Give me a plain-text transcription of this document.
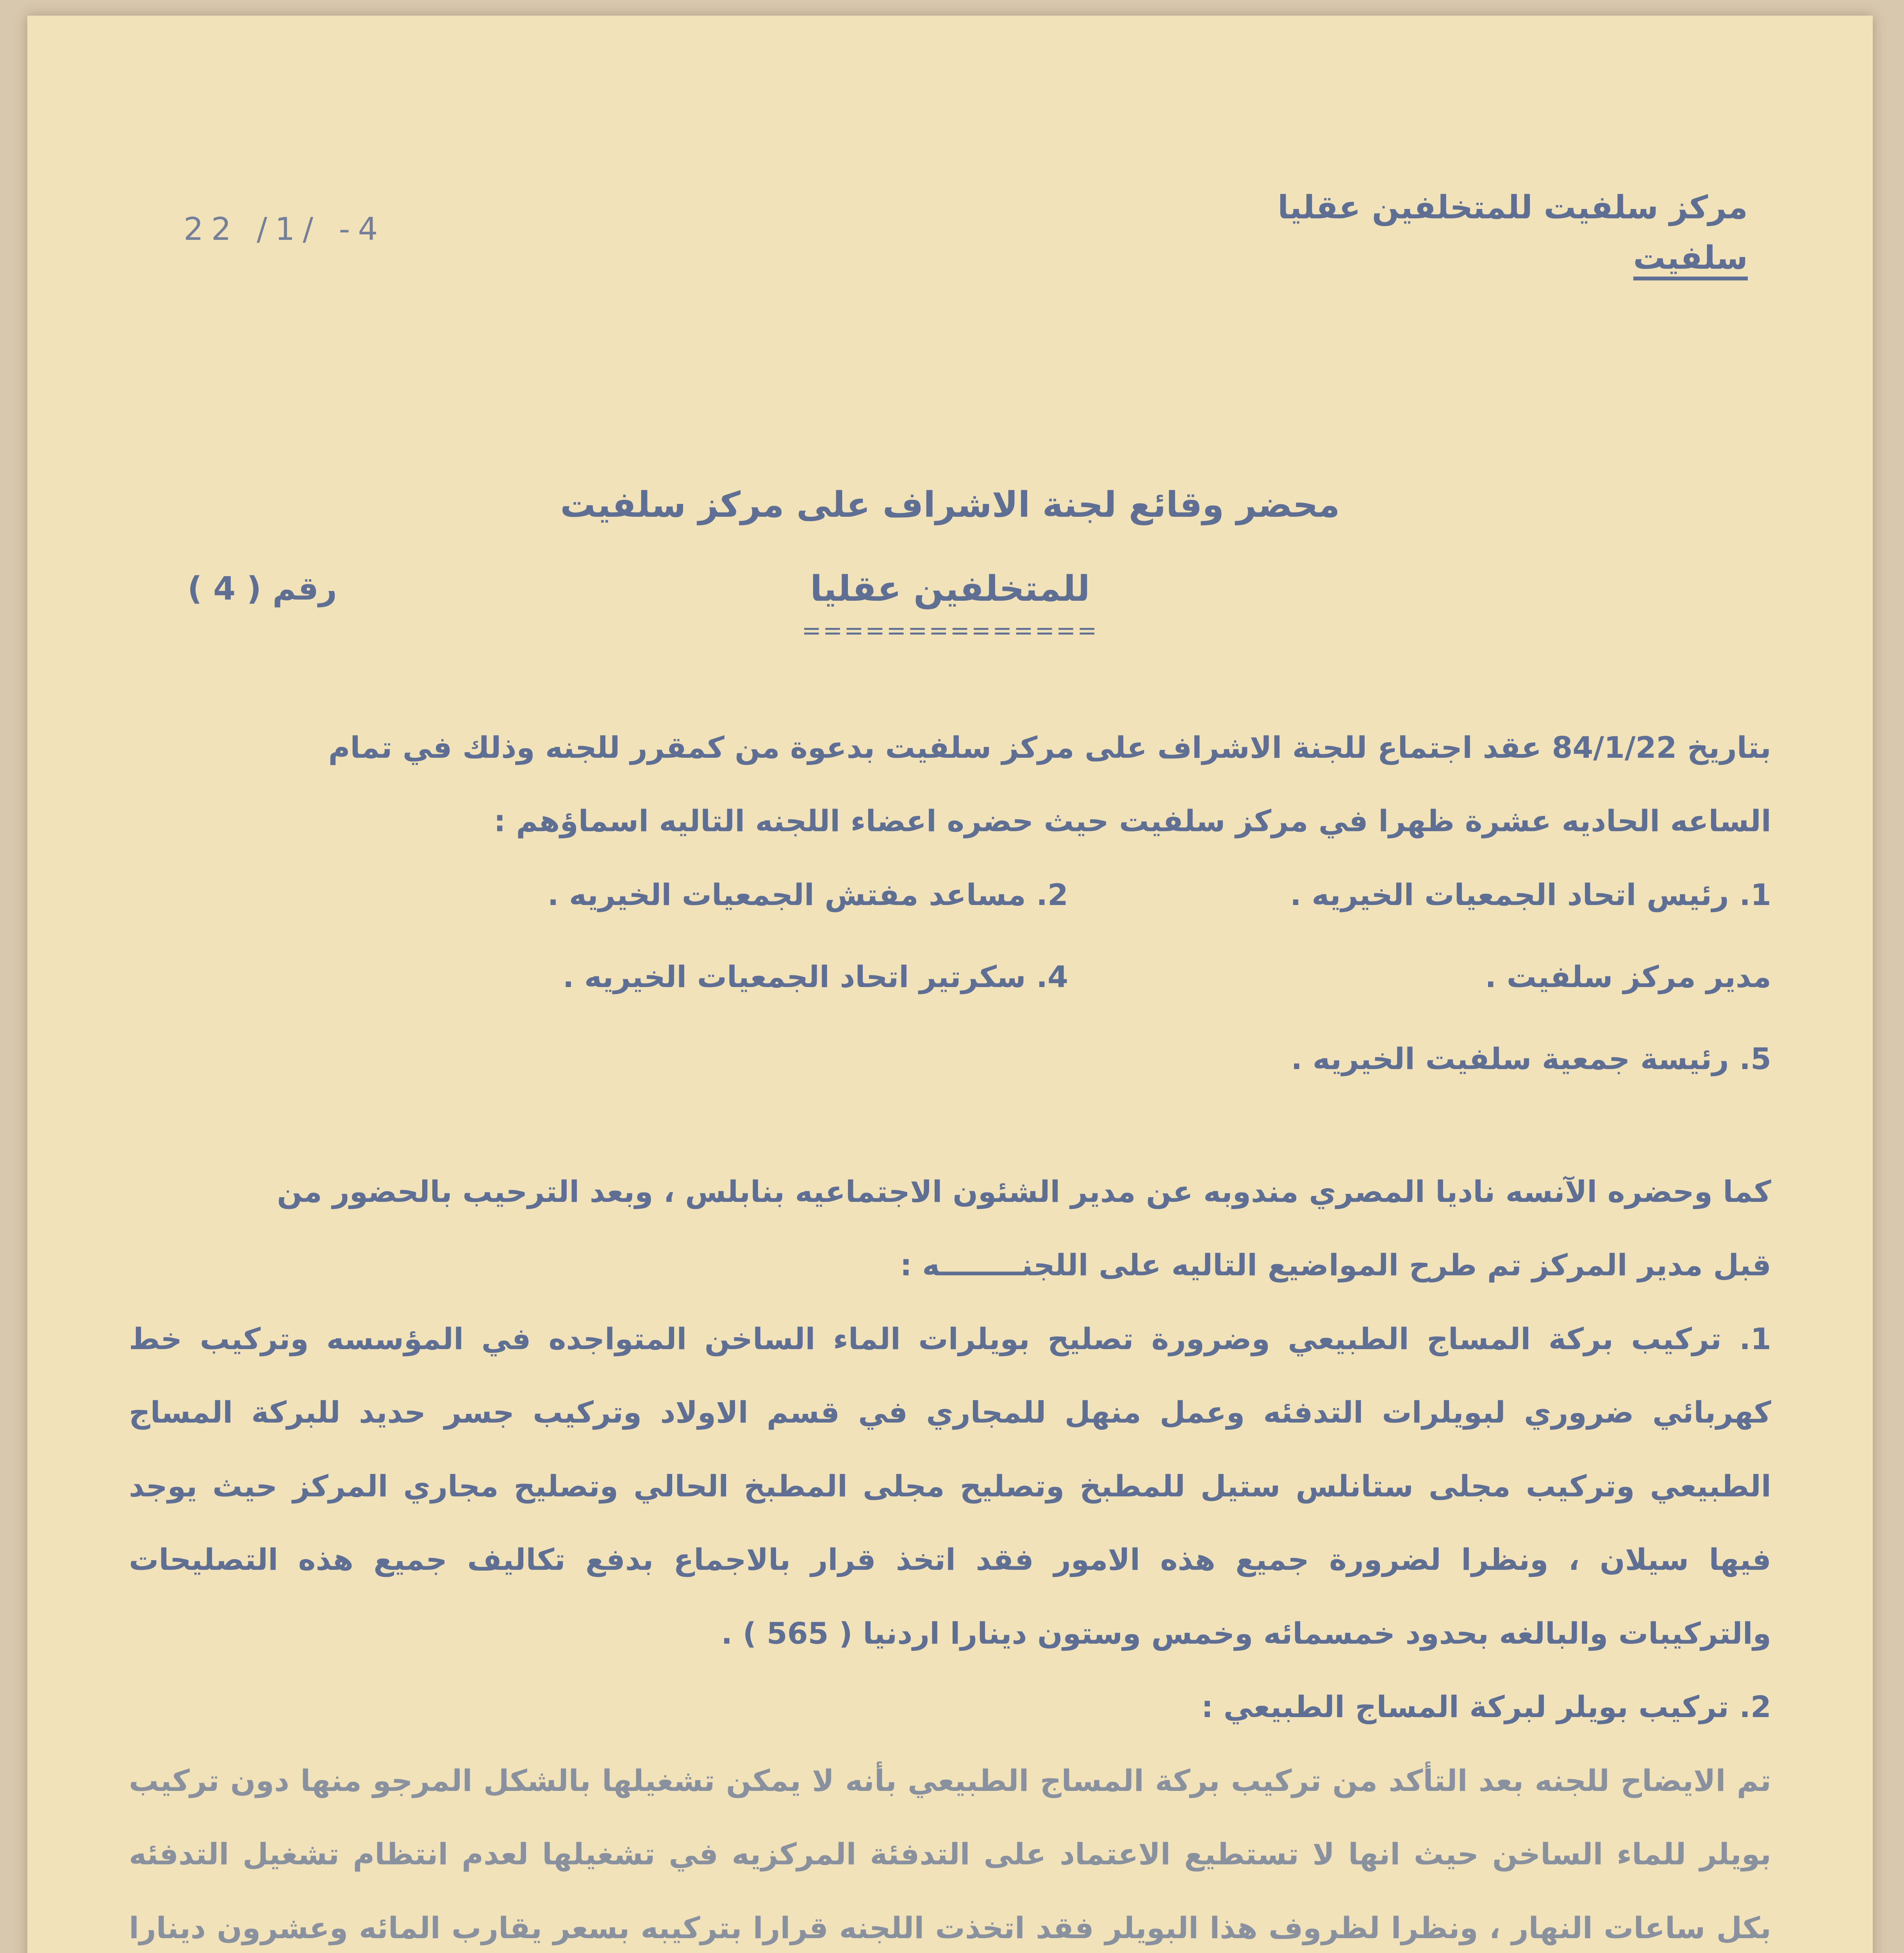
مركز سلفيت للمتخلفين عقليا
سلفيت
22 /1/ -4
محضر وقائع لجنة الاشراف على مركز سلفيت
للمتخلفين عقليا
==============
رقم ( 4 )

بتاريخ 84/1/22 عقد اجتماع للجنة الاشراف على مركز سلفيت بدعوة من كمقرر للجنه وذلك في تمام

الساعه الحاديه عشرة ظهرا في مركز سلفيت حيث حضره اعضاء اللجنه التاليه اسماؤهم :

1. رئيس اتحاد الجمعيات الخيريه .
2. مساعد مفتش الجمعيات الخيريه .
مدير مركز سلفيت .
4. سكرتير اتحاد الجمعيات الخيريه .
5. رئيسة جمعية سلفيت الخيريه .

كما وحضره الآنسه ناديا المصري مندوبه عن مدير الشئون الاجتماعيه بنابلس ، وبعد الترحيب بالحضور من

قبل مدير المركز تم طرح المواضيع التاليه على اللجنــــــــه :

1. تركيب بركة المساج الطبيعي وضرورة تصليح بويلرات الماء الساخن المتواجده في المؤسسه وتركيب خط كهربائي ضروري لبويلرات التدفئه وعمل منهل للمجاري في قسم الاولاد وتركيب جسر حديد للبركة المساج الطبيعي وتركيب مجلى ستانلس ستيل للمطبخ وتصليح مجلى المطبخ الحالي وتصليح مجاري المركز حيث يوجد فيها سيلان ، ونظرا لضرورة جميع هذه الامور فقد اتخذ قرار بالاجماع بدفع تكاليف جميع هذه التصليحات والتركيبات والبالغه بحدود خمسمائه وخمس وستون دينارا اردنيا ( 565 ) .

2. تركيب بويلر لبركة المساج الطبيعي :

تم الايضاح للجنه بعد التأكد من تركيب بركة المساج الطبيعي بأنه لا يمكن تشغيلها بالشكل المرجو منها دون تركيب بويلر للماء الساخن حيث انها لا تستطيع الاعتماد على التدفئة المركزيه في تشغيلها لعدم انتظام تشغيل التدفئه بكل ساعات النهار ، ونظرا لظروف هذا البويلر فقد اتخذت اللجنه قرارا بتركيبه بسعر يقارب المائه وعشرون دينارا
